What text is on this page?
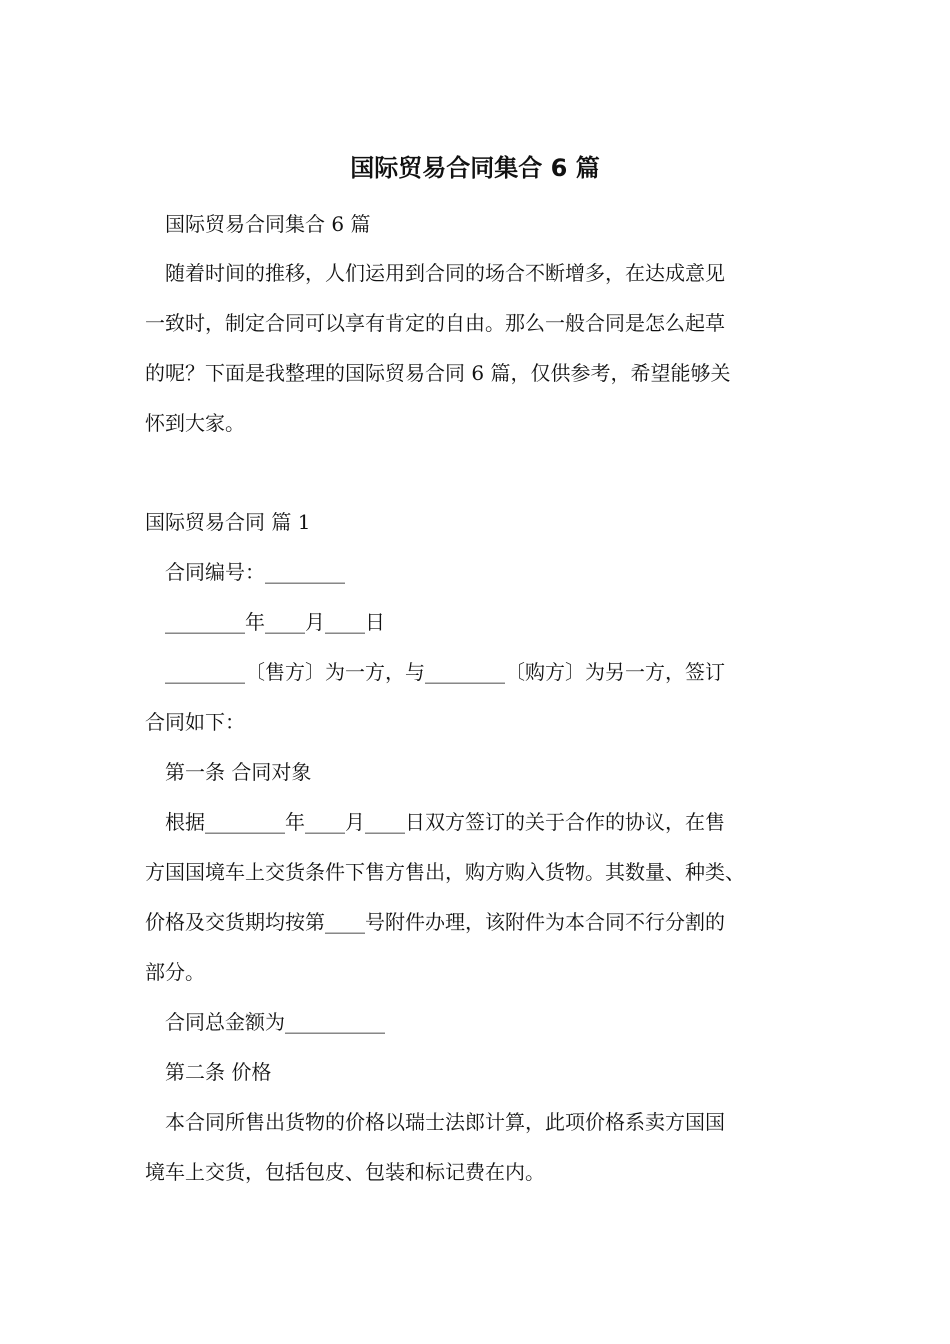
国际贸易合同集合 6 篇
国际贸易合同集合 6 篇
随着时间的推移，人们运用到合同的场合不断增多，在达成意见
一致时，制定合同可以享有肯定的自由。那么一般合同是怎么起草
的呢？下面是我整理的国际贸易合同 6 篇，仅供参考，希望能够关
怀到大家。
国际贸易合同 篇 1
合同编号：________
________年____月____日
________〔售方〕为一方，与________〔购方〕为另一方，签订
合同如下：
第一条 合同对象
根据________年____月____日双方签订的关于合作的协议，在售
方国国境车上交货条件下售方售出，购方购入货物。其数量、种类、
价格及交货期均按第____号附件办理，该附件为本合同不行分割的
部分。
合同总金额为__________
第二条 价格
本合同所售出货物的价格以瑞士法郎计算，此项价格系卖方国国
境车上交货，包括包皮、包装和标记费在内。
